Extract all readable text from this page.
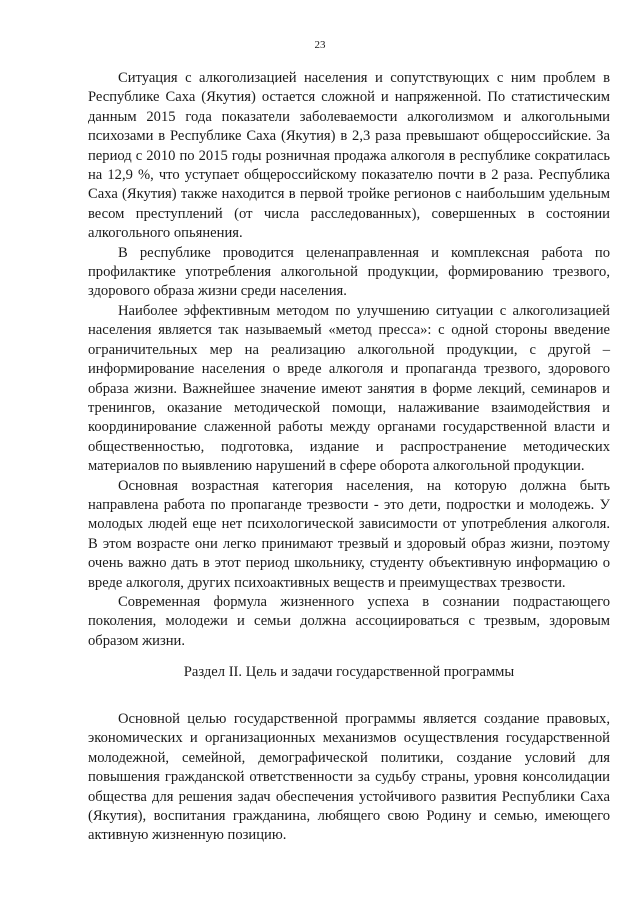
23

Ситуация с алкоголизацией населения и сопутствующих с ним проблем в Республике Саха (Якутия) остается сложной и напряженной. По статистическим данным 2015 года показатели заболеваемости алкоголизмом и алкогольными психозами в Республике Саха (Якутия) в 2,3 раза превышают общероссийские. За период с 2010 по 2015 годы розничная продажа алкоголя в республике сократилась на 12,9 %, что уступает общероссийскому показателю почти в 2 раза. Республика Саха (Якутия) также находится в первой тройке регионов с наибольшим удельным весом преступлений (от числа расследованных), совершенных в состоянии алкогольного опьянения.

В республике проводится целенаправленная и комплексная работа по профилактике употребления алкогольной продукции, формированию трезвого, здорового образа жизни среди населения.

Наиболее эффективным методом по улучшению ситуации с алкоголизацией населения является так называемый «метод пресса»: с одной стороны введение ограничительных мер на реализацию алкогольной продукции, с другой – информирование населения о вреде алкоголя и пропаганда трезвого, здорового образа жизни. Важнейшее значение имеют занятия в форме лекций, семинаров и тренингов, оказание методической помощи, налаживание взаимодействия и координирование слаженной работы между органами государственной власти и общественностью, подготовка, издание и распространение методических материалов по выявлению нарушений в сфере оборота алкогольной продукции.

Основная возрастная категория населения, на которую должна быть направлена работа по пропаганде трезвости - это дети, подростки и молодежь. У молодых людей еще нет психологической зависимости от употребления алкоголя. В этом возрасте они легко принимают трезвый и здоровый образ жизни, поэтому очень важно дать в этот период школьнику, студенту объективную информацию о вреде алкоголя, других психоактивных веществ и преимуществах трезвости.

Современная формула жизненного успеха в сознании подрастающего поколения, молодежи и семьи должна ассоциироваться с трезвым, здоровым образом жизни.

Раздел II. Цель и задачи государственной программы

Основной целью государственной программы является создание правовых, экономических и организационных механизмов осуществления государственной молодежной, семейной, демографической политики, создание условий для повышения гражданской ответственности за судьбу страны, уровня консолидации общества для решения задач обеспечения устойчивого развития Республики Саха (Якутия), воспитания гражданина, любящего свою Родину и семью, имеющего активную жизненную позицию.
